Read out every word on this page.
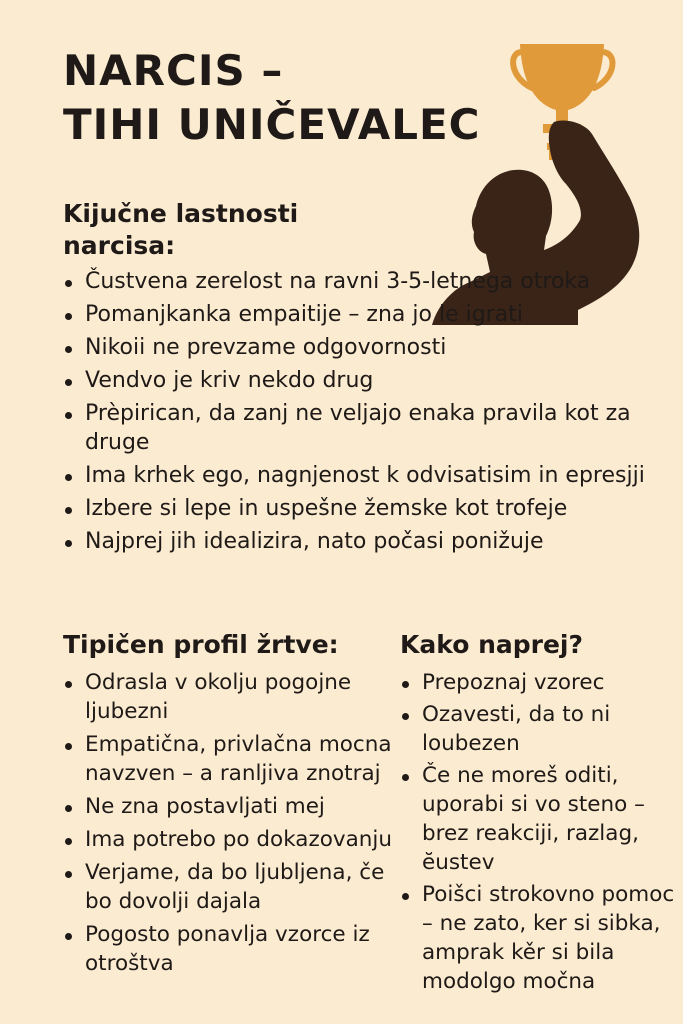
NARCIS –
TIHI UNIČEVALEC
Kijučne lastnosti narcisa:
Čustvena zerelost na ravni 3-5-letnega otroka
Pomanjkanka empaitije – zna jo le igrati
Nikoii ne prevzame odgovornosti
Vendvo je kriv nekdo drug
Prèpirican, da zanj ne veljajo enaka pravila kot za druge
Ima krhek ego, nagnjenost k odvisatisim in epresjji
Izbere si lepe in uspešne žemske kot trofeje
Najprej jih idealizira, nato počasi ponižuje
Tipičen profil žrtve:
Odrasla v okolju pogojne ljubezni
Empatična, privlačna mocna navzven – a ranljiva znotraj
Ne zna postavljati mej
Ima potrebo po dokazovanju
Verjame, da bo ljubljena, če bo dovolji dajala
Pogosto ponavlja vzorce iz otroštva
Kako naprej?
Prepoznaj vzorec
Ozavesti, da to ni loubezen
Če ne moreš oditi, uporabi si vo steno – brez reakciji, razlag, ĕustev
Poišci strokovno pomoc – ne zato, ker si sibka, amprak kěr si bila modolgo močna
